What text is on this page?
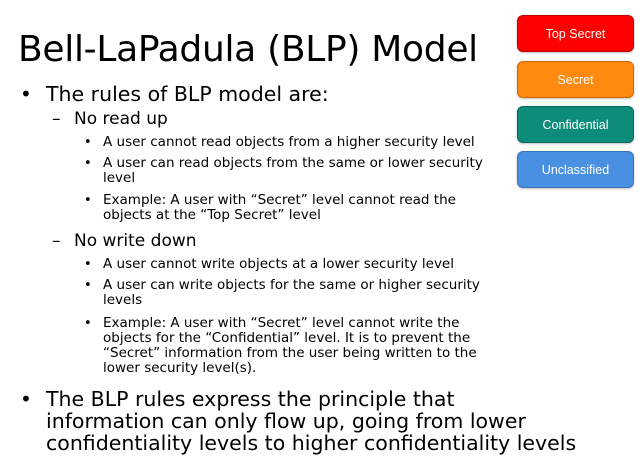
Bell-LaPadula (BLP) Model
• The rules of BLP model are:
– No read up
• A user cannot read objects from a higher security level
• A user can read objects from the same or lower security
level
• Example: A user with “Secret” level cannot read the
objects at the “Top Secret” level
– No write down
• A user cannot write objects at a lower security level
• A user can write objects for the same or higher security
levels
• Example: A user with “Secret” level cannot write the
objects for the “Confidential” level. It is to prevent the
“Secret” information from the user being written to the
lower security level(s).
• The BLP rules express the principle that
information can only flow up, going from lower
confidentiality levels to higher confidentiality levels
Top Secret
Secret
Confidential
Unclassified
